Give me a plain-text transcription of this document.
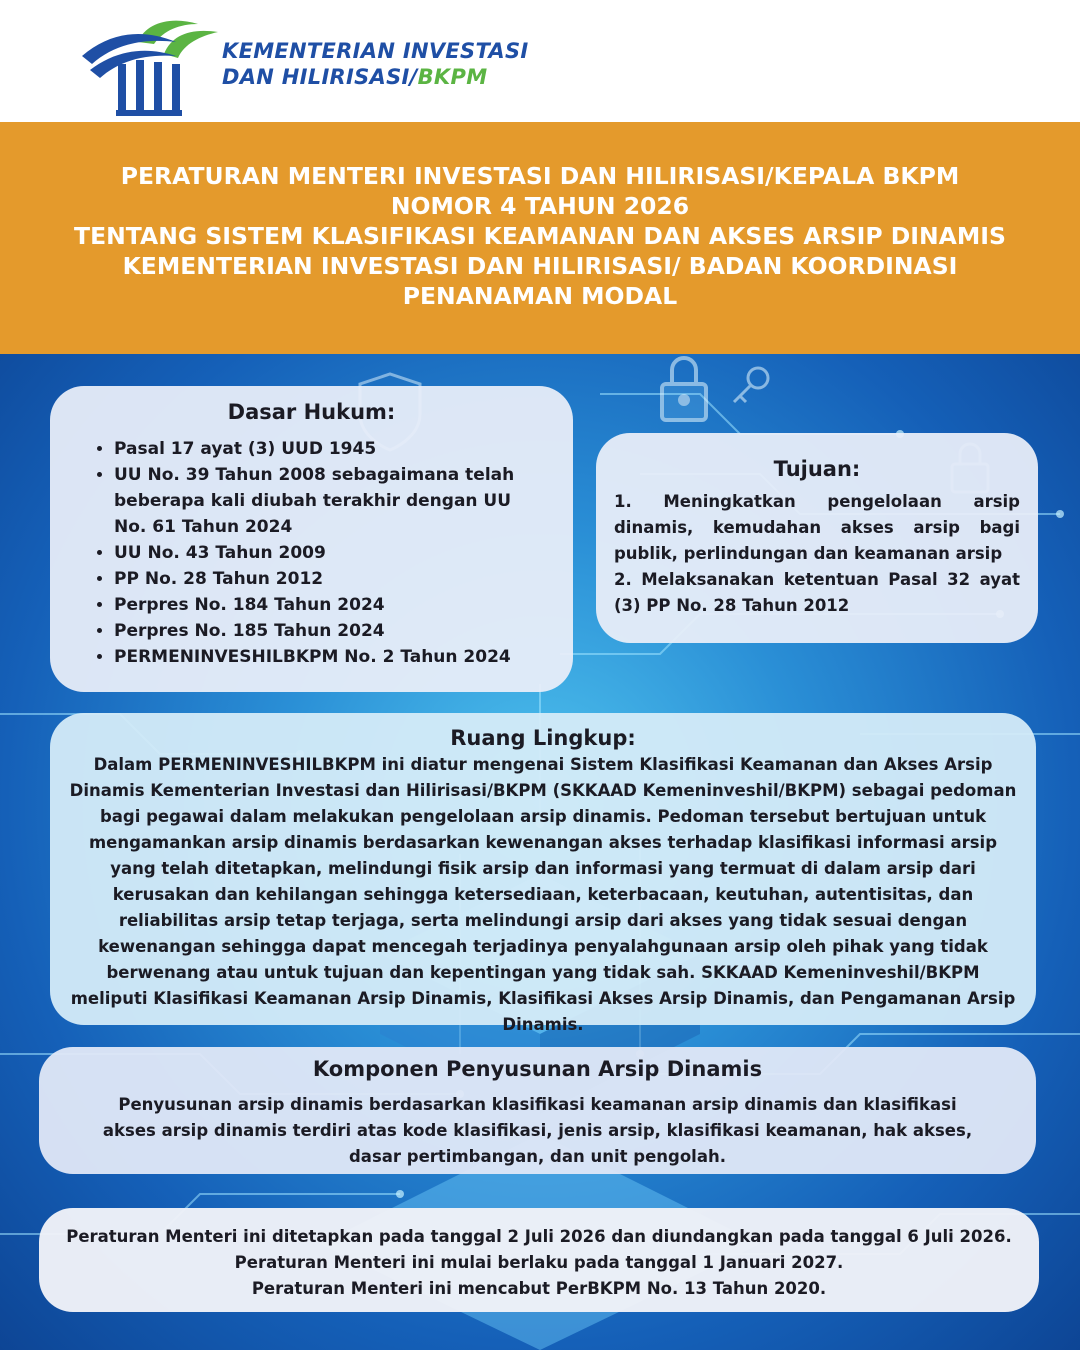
KEMENTERIAN INVESTASI
DAN HILIRISASI/BKPM
PERATURAN MENTERI INVESTASI DAN HILIRISASI/KEPALA BKPM
NOMOR 4 TAHUN 2026
TENTANG SISTEM KLASIFIKASI KEAMANAN DAN AKSES ARSIP DINAMIS
KEMENTERIAN INVESTASI DAN HILIRISASI/ BADAN KOORDINASI
PENANAMAN MODAL
Dasar Hukum:
• Pasal 17 ayat (3) UUD 1945
• UU No. 39 Tahun 2008 sebagaimana telah beberapa kali diubah terakhir dengan UU No. 61 Tahun 2024
• UU No. 43 Tahun 2009
• PP No. 28 Tahun 2012
• Perpres No. 184 Tahun 2024
• Perpres No. 185 Tahun 2024
• PERMENINVESHILBKPM No. 2 Tahun 2024
Tujuan:

1. Meningkatkan pengelolaan arsip dinamis, kemudahan akses arsip bagi publik, perlindungan dan keamanan arsip
2. Melaksanakan ketentuan Pasal 32 ayat (3) PP No. 28 Tahun 2012

Ruang Lingkup:

Dalam PERMENINVESHILBKPM ini diatur mengenai Sistem Klasifikasi Keamanan dan Akses Arsip Dinamis Kementerian Investasi dan Hilirisasi/BKPM (SKKAAD Kemeninveshil/BKPM) sebagai pedoman bagi pegawai dalam melakukan pengelolaan arsip dinamis. Pedoman tersebut bertujuan untuk mengamankan arsip dinamis berdasarkan kewenangan akses terhadap klasifikasi informasi arsip yang telah ditetapkan, melindungi fisik arsip dan informasi yang termuat di dalam arsip dari kerusakan dan kehilangan sehingga ketersediaan, keterbacaan, keutuhan, autentisitas, dan reliabilitas arsip tetap terjaga, serta melindungi arsip dari akses yang tidak sesuai dengan kewenangan sehingga dapat mencegah terjadinya penyalahgunaan arsip oleh pihak yang tidak berwenang atau untuk tujuan dan kepentingan yang tidak sah. SKKAAD Kemeninveshil/BKPM meliputi Klasifikasi Keamanan Arsip Dinamis, Klasifikasi Akses Arsip Dinamis, dan Pengamanan Arsip Dinamis.

Komponen Penyusunan Arsip Dinamis

Penyusunan arsip dinamis berdasarkan klasifikasi keamanan arsip dinamis dan klasifikasi akses arsip dinamis terdiri atas kode klasifikasi, jenis arsip, klasifikasi keamanan, hak akses, dasar pertimbangan, dan unit pengolah.

Peraturan Menteri ini ditetapkan pada tanggal 2 Juli 2026 dan diundangkan pada tanggal 6 Juli 2026.
Peraturan Menteri ini mulai berlaku pada tanggal 1 Januari 2027.
Peraturan Menteri ini mencabut PerBKPM No. 13 Tahun 2020.
